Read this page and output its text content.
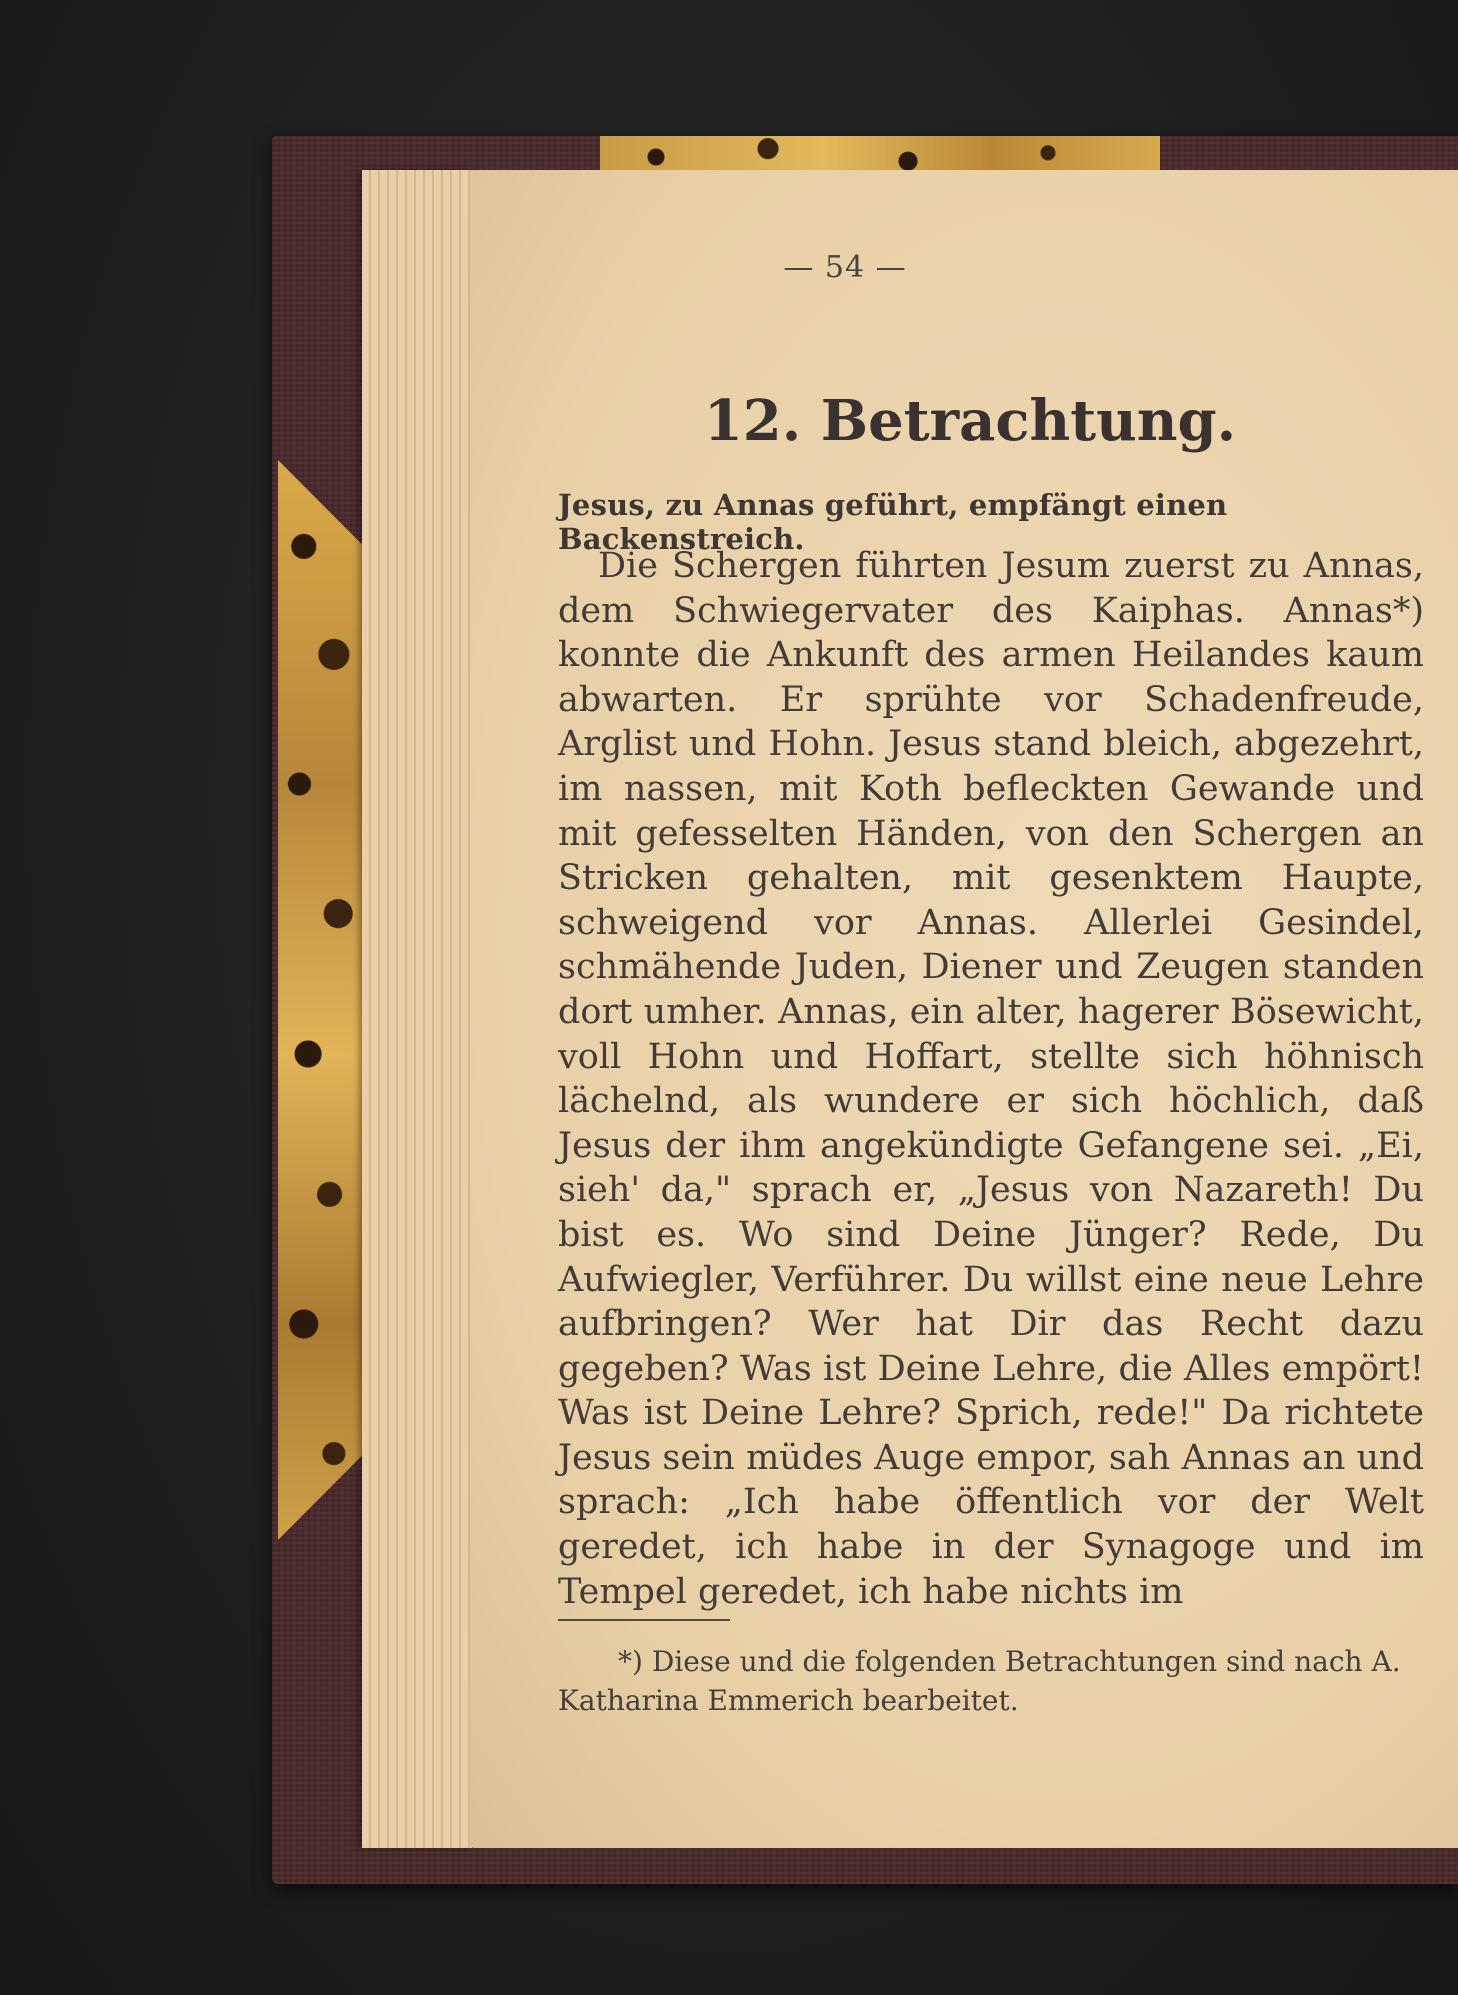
— 54 —
12. Betrachtung.
Jesus, zu Annas geführt, empfängt einen Backenstreich.

Die Schergen führten Jesum zuerst zu Annas, dem Schwiegervater des Kaiphas. Annas*) konnte die Ankunft des armen Heilandes kaum abwarten. Er sprühte vor Schadenfreude, Arglist und Hohn. Jesus stand bleich, abgezehrt, im nassen, mit Koth befleckten Gewande und mit gefesselten Händen, von den Schergen an Stricken gehalten, mit gesenktem Haupte, schweigend vor Annas. Allerlei Gesindel, schmähende Juden, Diener und Zeugen standen dort umher. Annas, ein alter, hagerer Bösewicht, voll Hohn und Hoffart, stellte sich höhnisch lächelnd, als wundere er sich höchlich, daß Jesus der ihm angekündigte Gefangene sei. „Ei, sieh' da," sprach er, „Jesus von Nazareth! Du bist es. Wo sind Deine Jünger? Rede, Du Aufwiegler, Verführer. Du willst eine neue Lehre aufbringen? Wer hat Dir das Recht dazu gegeben? Was ist Deine Lehre, die Alles empört! Was ist Deine Lehre? Sprich, rede!" Da richtete Jesus sein müdes Auge empor, sah Annas an und sprach: „Ich habe öffentlich vor der Welt geredet, ich habe in der Synagoge und im Tempel geredet, ich habe nichts im

*) Diese und die folgenden Betrachtungen sind nach A. Katharina Emmerich bearbeitet.
